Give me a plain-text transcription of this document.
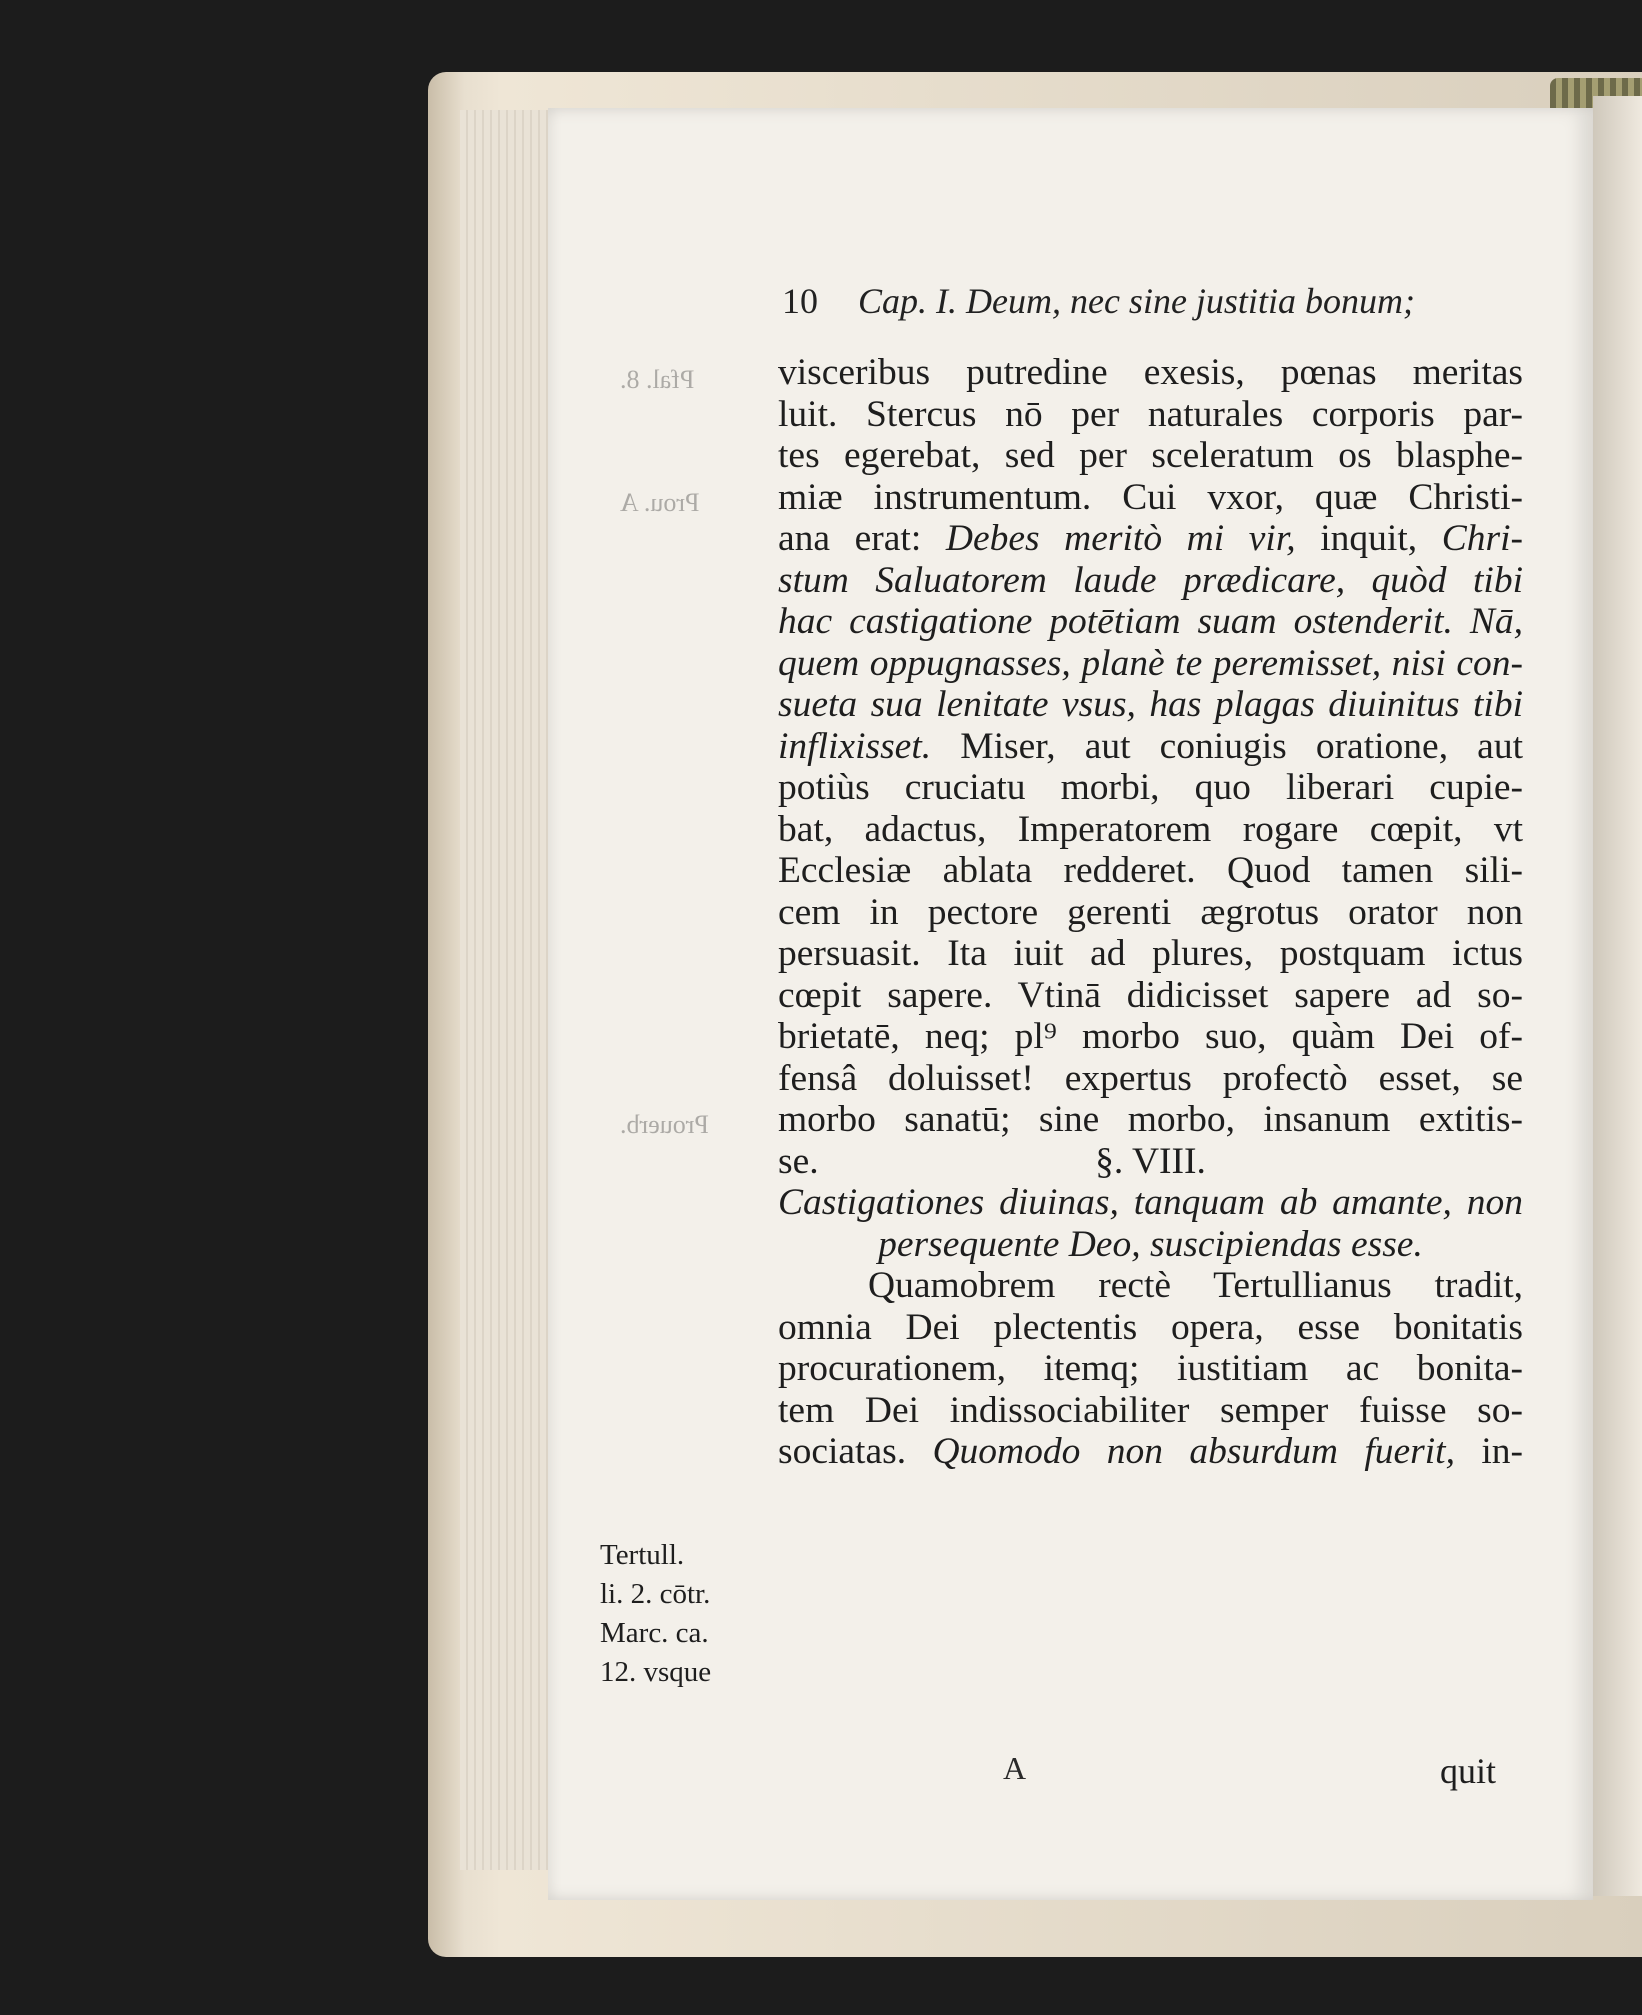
Pfal. 8.
Prou. A
Prouerb.
10 Cap. I. Deum, nec sine justitia bonum;
visceribus putredine exesis, pœnas meritas
luit. Stercus nō per naturales corporis par-
tes egerebat, sed per sceleratum os blasphe-
miæ instrumentum. Cui vxor, quæ Christi-
ana erat: Debes meritò mi vir, inquit, Chri-
stum Saluatorem laude prædicare, quòd tibi
hac castigatione potētiam suam ostenderit. Nā,
quem oppugnasses, planè te peremisset, nisi con-
sueta sua lenitate vsus, has plagas diuinitus tibi
inflixisset. Miser, aut coniugis oratione, aut
potiùs cruciatu morbi, quo liberari cupie-
bat, adactus, Imperatorem rogare cœpit, vt
Ecclesiæ ablata redderet. Quod tamen sili-
cem in pectore gerenti ægrotus orator non
persuasit. Ita iuit ad plures, postquam ictus
cœpit sapere. Vtinā didicisset sapere ad so-
brietatē, neq; pl⁹ morbo suo, quàm Dei of-
fensâ doluisset! expertus profectò esset, se
morbo sanatū; sine morbo, insanum extitis-
se.	§. VIII.
Castigationes diuinas, tanquam ab amante, non
persequente Deo, suscipiendas esse.
Quamobrem rectè Tertullianus tradit,
omnia Dei plectentis opera, esse bonitatis
procurationem, itemq; iustitiam ac bonita-
tem Dei indissociabiliter semper fuisse so-
sociatas. Quomodo non absurdum fuerit, in-
Tertull.
li. 2. cōtr.
Marc. ca.
12. vsque
A	quit
